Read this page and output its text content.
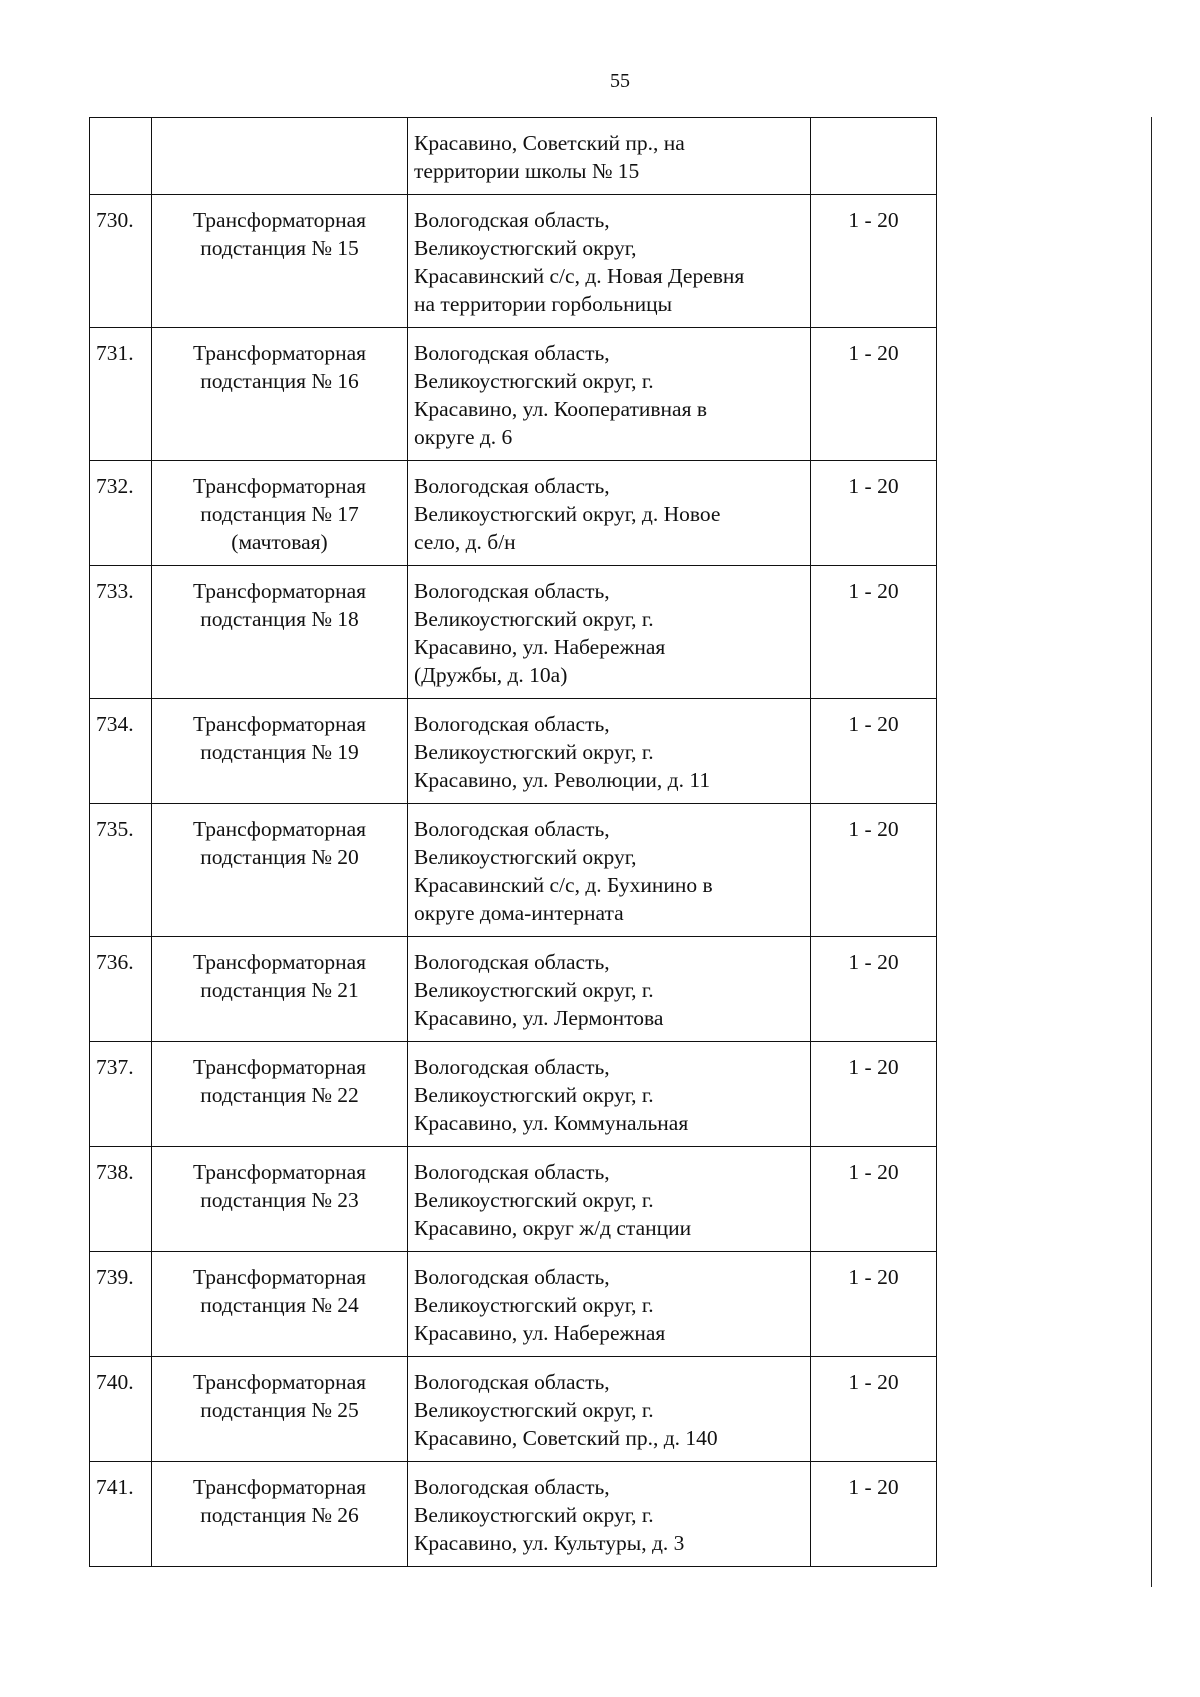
55

		Красавино, Советский пр., на
территории школы № 15	

730.	Трансформаторная
подстанция № 15	Вологодская область,
Великоустюгский округ,
Красавинский с/с, д. Новая Деревня
на территории горбольницы	1 - 20
731.	Трансформаторная
подстанция № 16	Вологодская область,
Великоустюгский округ, г.
Красавино, ул. Кооперативная в
округе д. 6	1 - 20
732.	Трансформаторная
подстанция № 17
(мачтовая)	Вологодская область,
Великоустюгский округ, д. Новое
село, д. б/н	1 - 20
733.	Трансформаторная
подстанция № 18	Вологодская область,
Великоустюгский округ, г.
Красавино, ул. Набережная
(Дружбы, д. 10а)	1 - 20
734.	Трансформаторная
подстанция № 19	Вологодская область,
Великоустюгский округ, г.
Красавино, ул. Революции, д. 11	1 - 20
735.	Трансформаторная
подстанция № 20	Вологодская область,
Великоустюгский округ,
Красавинский с/с, д. Бухинино в
округе дома-интерната	1 - 20
736.	Трансформаторная
подстанция № 21	Вологодская область,
Великоустюгский округ, г.
Красавино, ул. Лермонтова	1 - 20
737.	Трансформаторная
подстанция № 22	Вологодская область,
Великоустюгский округ, г.
Красавино, ул. Коммунальная	1 - 20
738.	Трансформаторная
подстанция № 23	Вологодская область,
Великоустюгский округ, г.
Красавино, округ ж/д станции	1 - 20
739.	Трансформаторная
подстанция № 24	Вологодская область,
Великоустюгский округ, г.
Красавино, ул. Набережная	1 - 20
740.	Трансформаторная
подстанция № 25	Вологодская область,
Великоустюгский округ, г.
Красавино, Советский пр., д. 140	1 - 20
741.	Трансформаторная
подстанция № 26	Вологодская область,
Великоустюгский округ, г.
Красавино, ул. Культуры, д. 3	1 - 20
